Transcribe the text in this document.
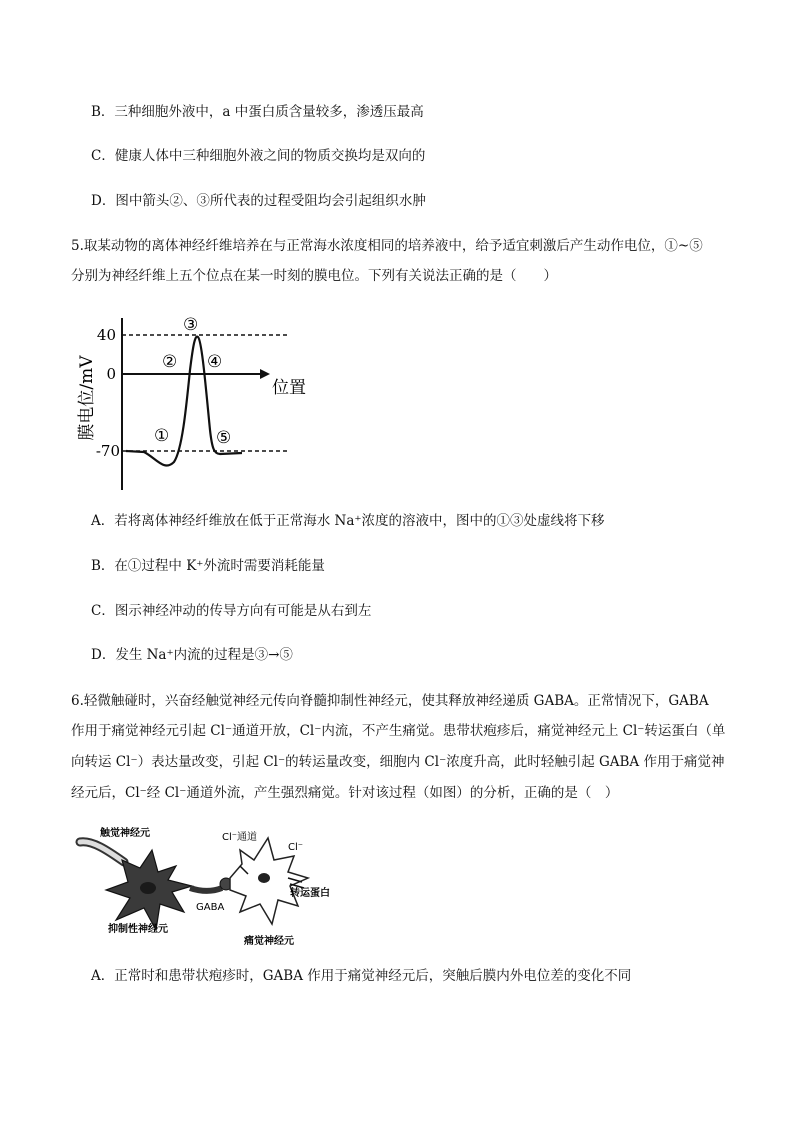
B．三种细胞外液中，a 中蛋白质含量较多，渗透压最高
C．健康人体中三种细胞外液之间的物质交换均是双向的
D．图中箭头②、③所代表的过程受阻均会引起组织水肿
5.取某动物的离体神经纤维培养在与正常海水浓度相同的培养液中，给予适宜刺激后产生动作电位，①~⑤
分别为神经纤维上五个位点在某一时刻的膜电位。下列有关说法正确的是（　　）
40
0
-70
膜电位/mV	位置
①
②
③
④
⑤
A．若将离体神经纤维放在低于正常海水 Na⁺浓度的溶液中，图中的①③处虚线将下移
B．在①过程中 K⁺外流时需要消耗能量
C．图示神经冲动的传导方向有可能是从右到左
D．发生 Na⁺内流的过程是③→⑤
6.轻微触碰时，兴奋经触觉神经元传向脊髓抑制性神经元，使其释放神经递质 GABA。正常情况下，GABA
作用于痛觉神经元引起 Cl⁻通道开放，Cl⁻内流，不产生痛觉。患带状疱疹后，痛觉神经元上 Cl⁻转运蛋白（单
向转运 Cl⁻）表达量改变，引起 Cl⁻的转运量改变，细胞内 Cl⁻浓度升高，此时轻触引起 GABA 作用于痛觉神
经元后，Cl⁻经 Cl⁻通道外流，产生强烈痛觉。针对该过程（如图）的分析，正确的是（　）
触觉神经元	Cl⁻通道
Cl⁻
GABA
转运蛋白
抑制性神经元
痛觉神经元
A．正常时和患带状疱疹时，GABA 作用于痛觉神经元后，突触后膜内外电位差的变化不同
